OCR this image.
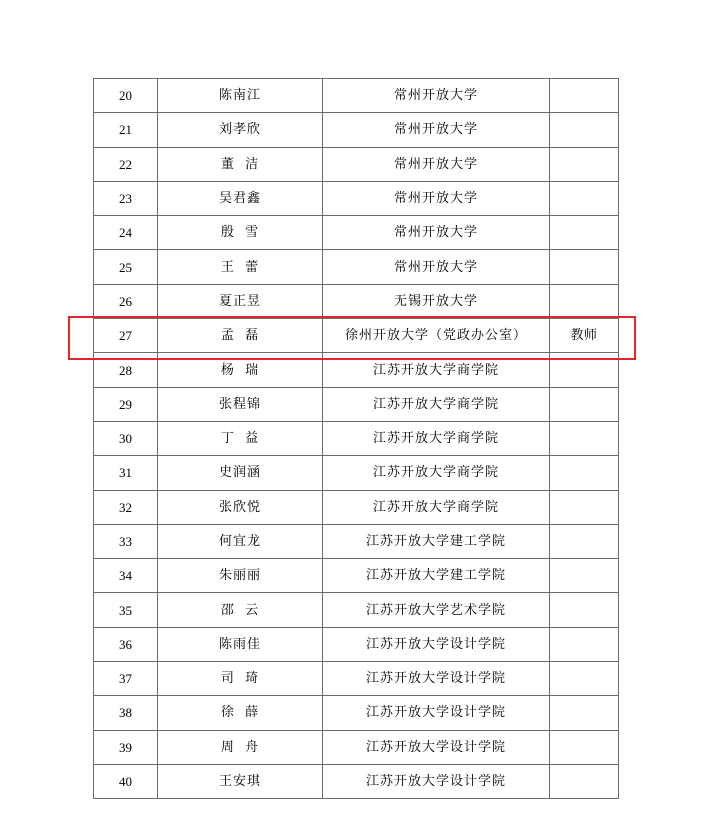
20	陈南江	常州开放大学	
21	刘孝欣	常州开放大学	
22	董  洁	常州开放大学	
23	吴君鑫	常州开放大学	
24	殷  雪	常州开放大学	
25	王  蕾	常州开放大学	
26	夏正昱	无锡开放大学	
27	孟  磊	徐州开放大学（党政办公室）	教师
28	杨  瑞	江苏开放大学商学院	
29	张程锦	江苏开放大学商学院	
30	丁  益	江苏开放大学商学院	
31	史润涵	江苏开放大学商学院	
32	张欣悦	江苏开放大学商学院	
33	何宜龙	江苏开放大学建工学院	
34	朱丽丽	江苏开放大学建工学院	
35	邵  云	江苏开放大学艺术学院	
36	陈雨佳	江苏开放大学设计学院	
37	司  琦	江苏开放大学设计学院	
38	徐  薛	江苏开放大学设计学院	
39	周  舟	江苏开放大学设计学院	
40	王安琪	江苏开放大学设计学院	
